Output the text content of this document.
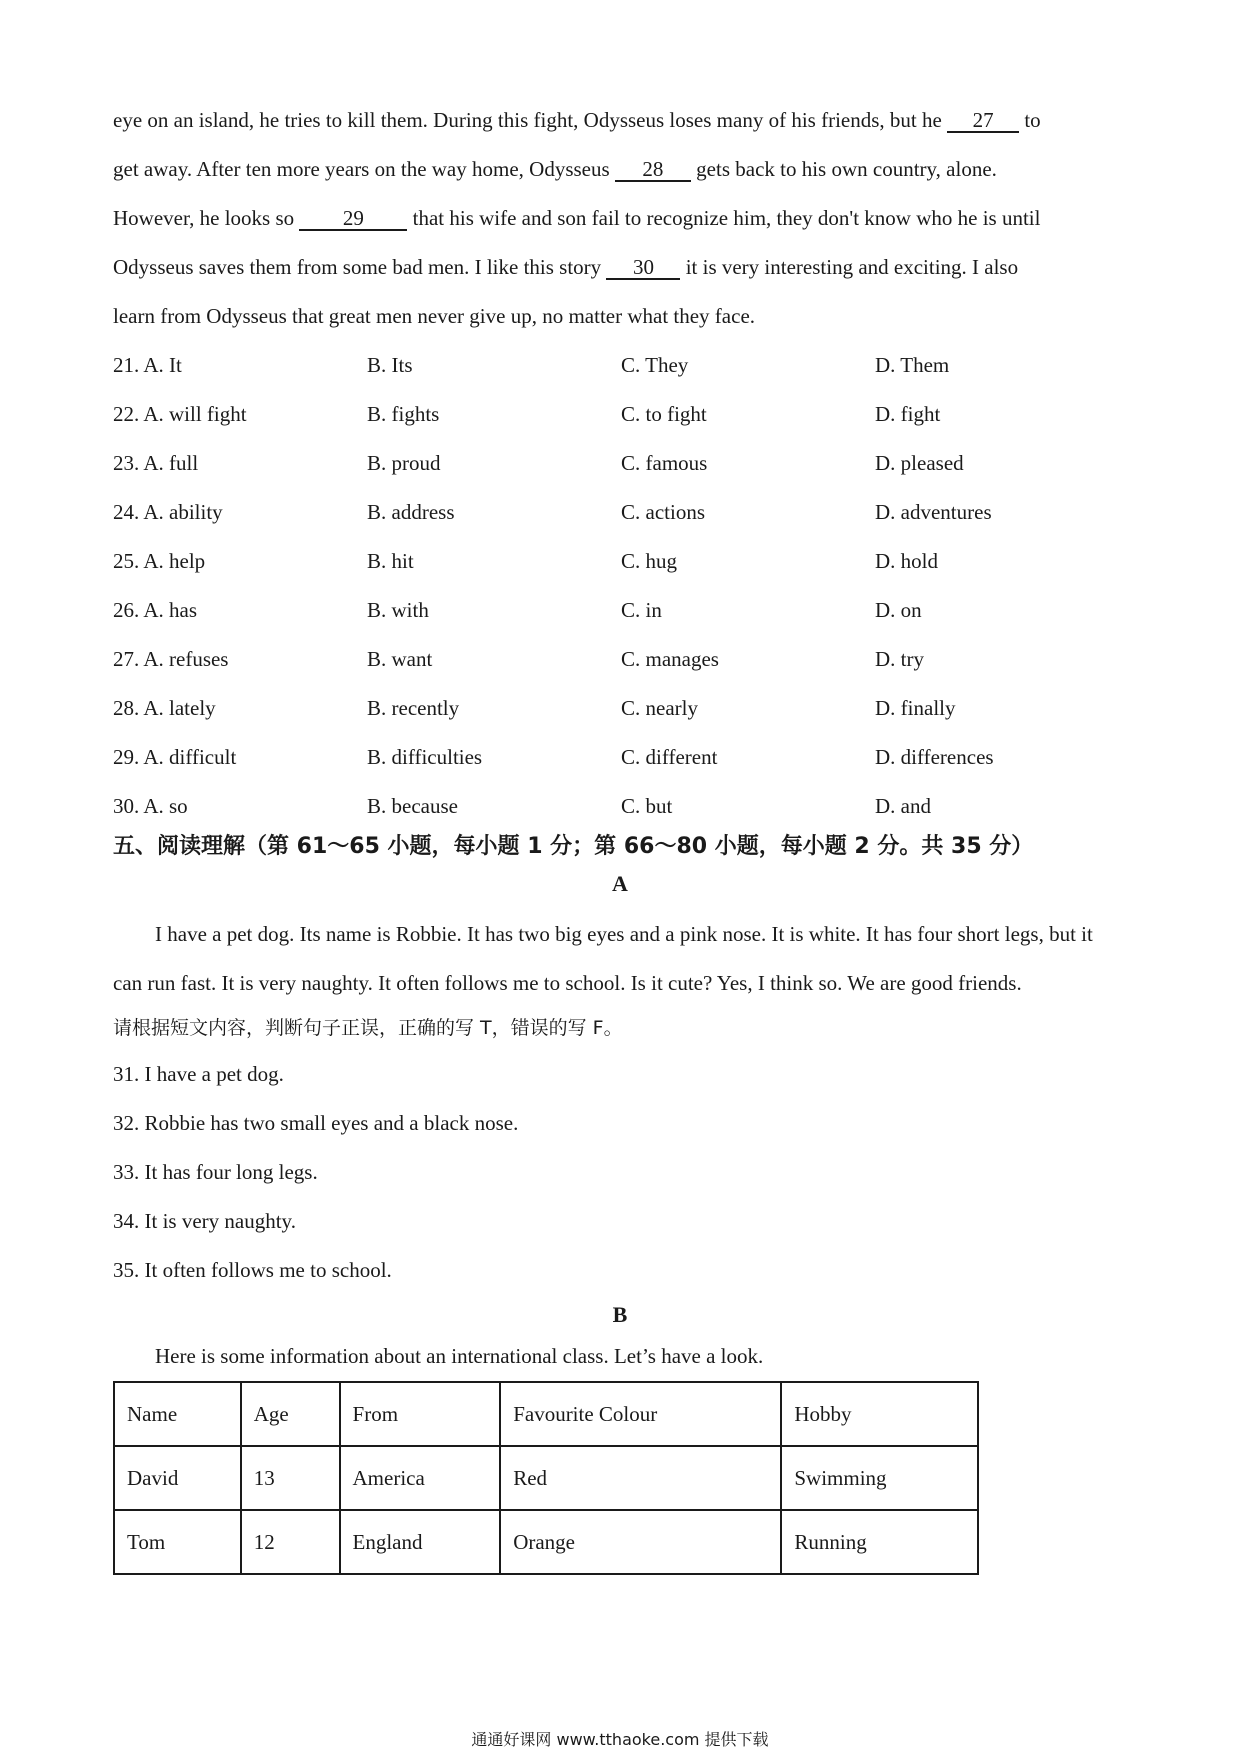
eye on an island, he tries to kill them. During this fight, Odysseus loses many of his friends, but he 27 to
get away. After ten more years on the way home, Odysseus 28 gets back to his own country, alone.
However, he looks so 29 that his wife and son fail to recognize him, they don't know who he is until
Odysseus saves them from some bad men. I like this story 30 it is very interesting and exciting. I also
learn from Odysseus that great men never give up, no matter what they face.

21. A. It	B. Its	C. They	D. Them
22. A. will fight	B. fights	C. to fight	D. fight
23. A. full	B. proud	C. famous	D. pleased
24. A. ability	B. address	C. actions	D. adventures
25. A. help	B. hit	C. hug	D. hold
26. A. has	B. with	C. in	D. on
27. A. refuses	B. want	C. manages	D. try
28. A. lately	B. recently	C. nearly	D. finally
29. A. difficult	B. difficulties	C. different	D. differences
30. A. so	B. because	C. but	D. and
五、阅读理解（第 61～65 小题，每小题 1 分；第 66～80 小题，每小题 2 分。共 35 分）
A

I have a pet dog. Its name is Robbie. It has two big eyes and a pink nose. It is white. It has four short legs, but it can run fast. It is very naughty. It often follows me to school. Is it cute? Yes, I think so. We are good friends.

请根据短文内容，判断句子正误，正确的写 T，错误的写 F。
31. I have a pet dog.
32. Robbie has two small eyes and a black nose.
33. It has four long legs.
34. It is very naughty.
35. It often follows me to school.
B
Here is some information about an international class. Let’s have a look.
Name	Age	From	Favourite Colour	Hobby
David	13	America	Red	Swimming
Tom	12	England	Orange	Running
通通好课网 www.tthaoke.com 提供下载
